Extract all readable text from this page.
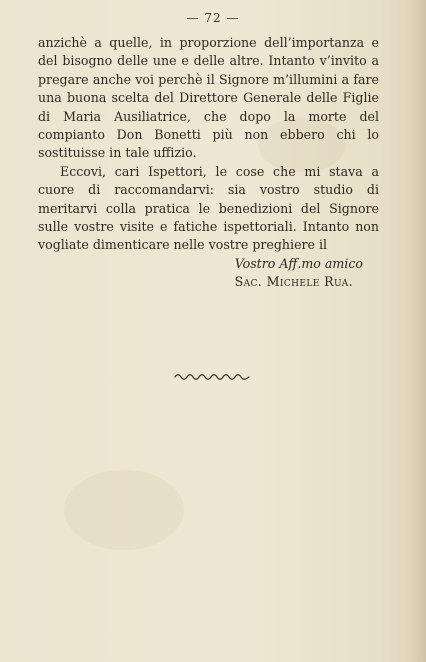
— 72 —

anzichè a quelle, in proporzione dell’importanza e del bisogno delle une e delle altre. Intanto v’invito a pregare anche voi perchè il Signore m’illumini a fare una buona scelta del Direttore Generale delle Figlie di Maria Ausiliatrice, che dopo la morte del compianto Don Bonetti più non ebbero chi lo sostituisse in tale uffizio.

Eccovi, cari Ispettori, le cose che mi stava a cuore di raccomandarvi: sia vostro studio di meritarvi colla pratica le benedizioni del Signore sulle vostre visite e fatiche ispettoriali. Intanto non vogliate dimenticare nelle vostre preghiere il

Vostro Aff.mo amico
Sac. Michele Rua.
